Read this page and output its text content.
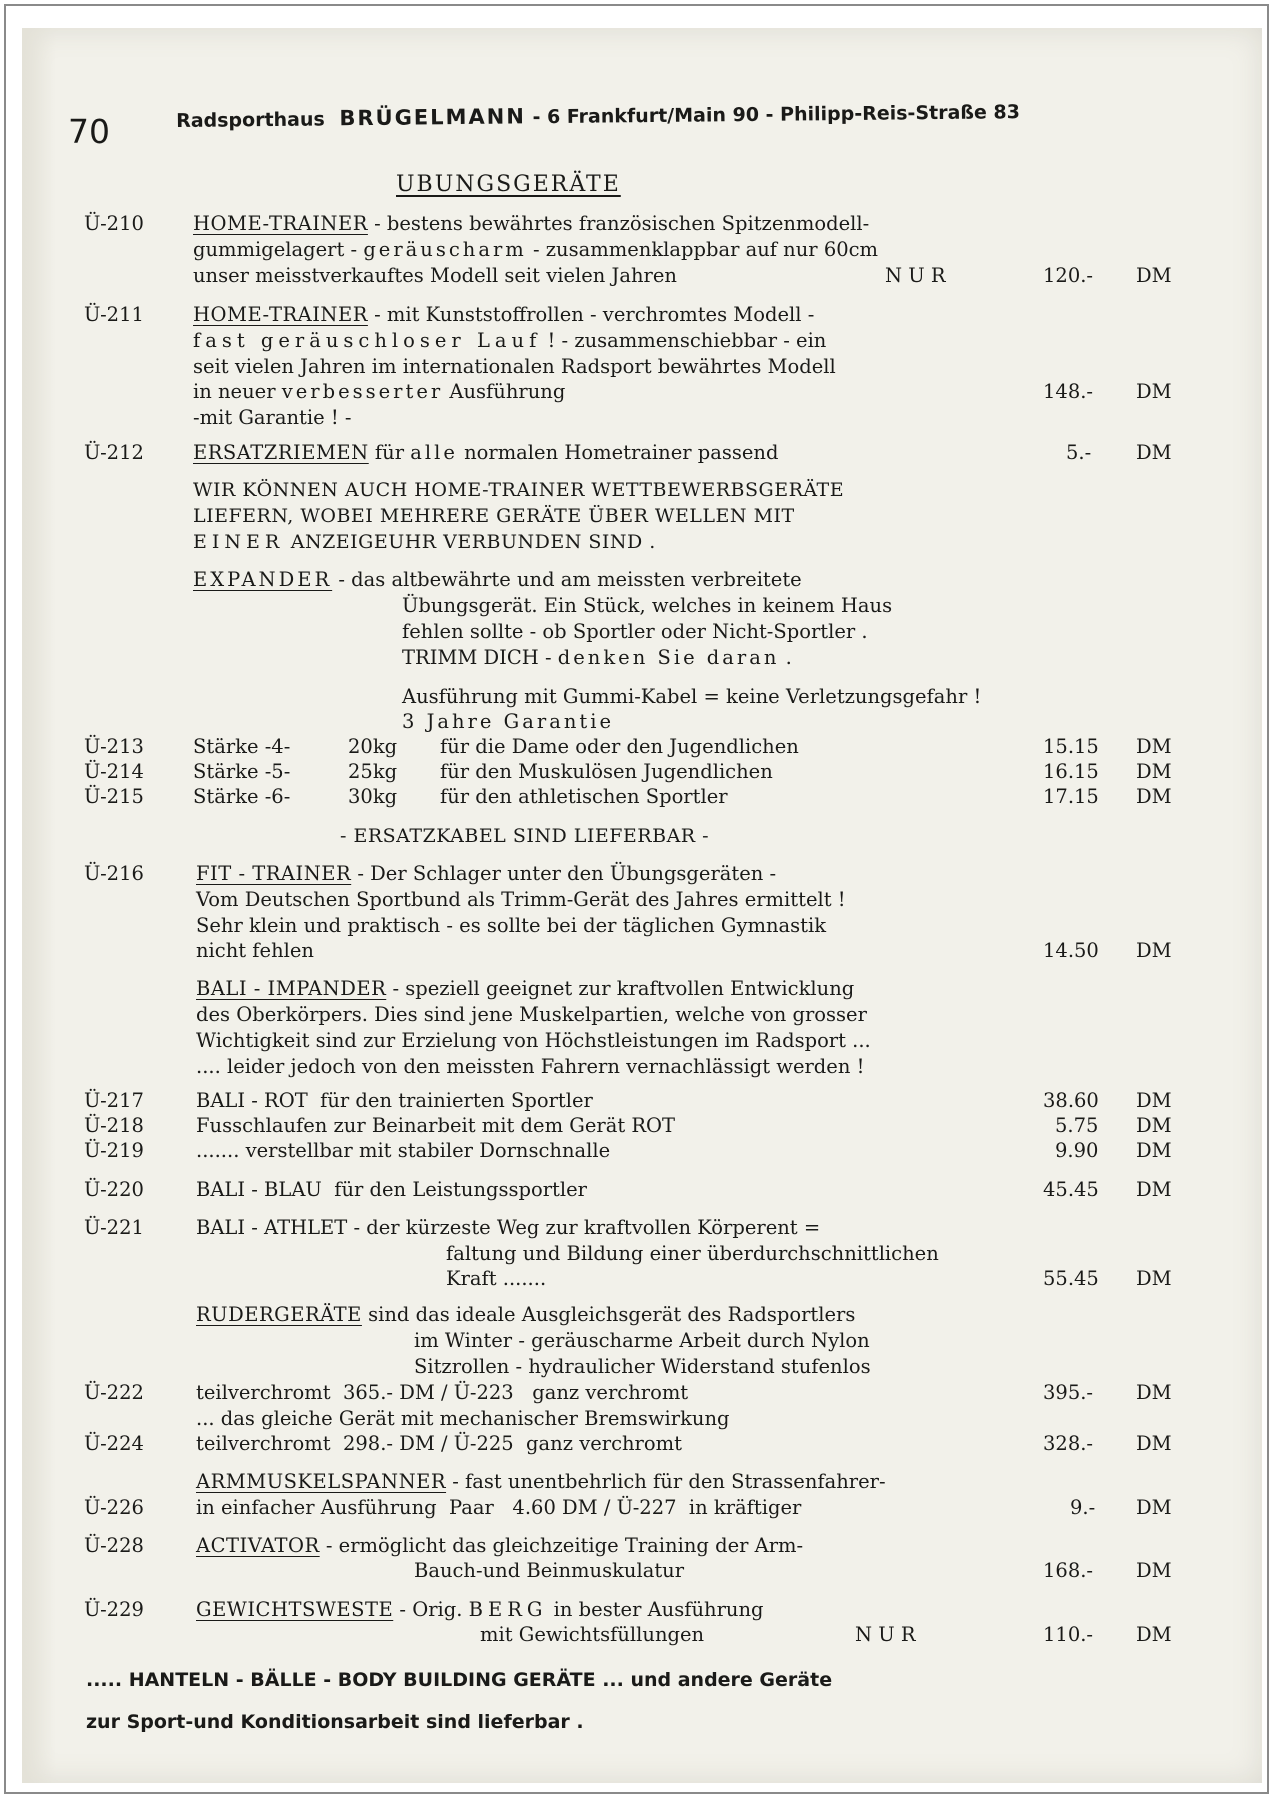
70	Radsporthaus BRÜGELMANN - 6 Frankfurt/Main 90 - Philipp-Reis-Straße 83
UBUNGSGERÄTE
Ü-210	HOME-TRAINER - bestens bewährtes französischen Spitzenmodell-
gummigelagert - geräuscharm - zusammenklappbar auf nur 60cm
unser meisstverkauftes Modell seit vielen Jahren	N U R	120.- DM
Ü-211	HOME-TRAINER - mit Kunststoffrollen - verchromtes Modell -
fast geräuschloser Lauf ! - zusammenschiebbar - ein
seit vielen Jahren im internationalen Radsport bewährtes Modell
in neuer verbesserter Ausführung	148.- DM
-mit Garantie ! -
Ü-212	ERSATZRIEMEN für alle normalen Hometrainer passend	5.- DM
WIR KÖNNEN AUCH HOME-TRAINER WETTBEWERBSGERÄTE
LIEFERN, WOBEI MEHRERE GERÄTE ÜBER WELLEN MIT
EINER ANZEIGEUHR VERBUNDEN SIND .
EXPANDER - das altbewährte und am meissten verbreitete
Übungsgerät. Ein Stück, welches in keinem Haus
fehlen sollte - ob Sportler oder Nicht-Sportler .
TRIMM DICH - denken Sie daran .
Ausführung mit Gummi-Kabel = keine Verletzungsgefahr !
3 Jahre Garantie
Ü-213	Stärke -4-	20kg für die Dame oder den Jugendlichen	15.15 DM
Ü-214	Stärke -5-	25kg für den Muskulösen Jugendlichen	16.15 DM
Ü-215	Stärke -6-	30kg für den athletischen Sportler	17.15 DM
- ERSATZKABEL SIND LIEFERBAR -
Ü-216	FIT - TRAINER - Der Schlager unter den Übungsgeräten -
Vom Deutschen Sportbund als Trimm-Gerät des Jahres ermittelt !
Sehr klein und praktisch - es sollte bei der täglichen Gymnastik
nicht fehlen	14.50 DM
BALI - IMPANDER - speziell geeignet zur kraftvollen Entwicklung
des Oberkörpers. Dies sind jene Muskelpartien, welche von grosser
Wichtigkeit sind zur Erzielung von Höchstleistungen im Radsport ...
.... leider jedoch von den meissten Fahrern vernachlässigt werden !
Ü-217	BALI - ROT  für den trainierten Sportler	38.60 DM
Ü-218	Fusschlaufen zur Beinarbeit mit dem Gerät ROT	5.75 DM
Ü-219	....... verstellbar mit stabiler Dornschnalle	9.90 DM
Ü-220	BALI - BLAU  für den Leistungssportler	45.45 DM
Ü-221	BALI - ATHLET - der kürzeste Weg zur kraftvollen Körperent =
faltung und Bildung einer überdurchschnittlichen
Kraft .......	55.45 DM
RUDERGERÄTE sind das ideale Ausgleichsgerät des Radsportlers
im Winter - geräuscharme Arbeit durch Nylon
Sitzrollen - hydraulicher Widerstand stufenlos
Ü-222	teilverchromt  365.- DM / Ü-223   ganz verchromt	395.- DM
... das gleiche Gerät mit mechanischer Bremswirkung
Ü-224	teilverchromt  298.- DM / Ü-225  ganz verchromt	328.- DM
ARMMUSKELSPANNER - fast unentbehrlich für den Strassenfahrer-
Ü-226	in einfacher Ausführung  Paar   4.60 DM / Ü-227  in kräftiger	9.- DM
Ü-228	ACTIVATOR - ermöglicht das gleichzeitige Training der Arm-
Bauch-und Beinmuskulatur	168.- DM
Ü-229	GEWICHTSWESTE - Orig. BERG in bester Ausführung
mit Gewichtsfüllungen	N U R	110.- DM
..... HANTELN - BÄLLE - BODY BUILDING GERÄTE ... und andere Geräte
zur Sport-und Konditionsarbeit sind lieferbar .
